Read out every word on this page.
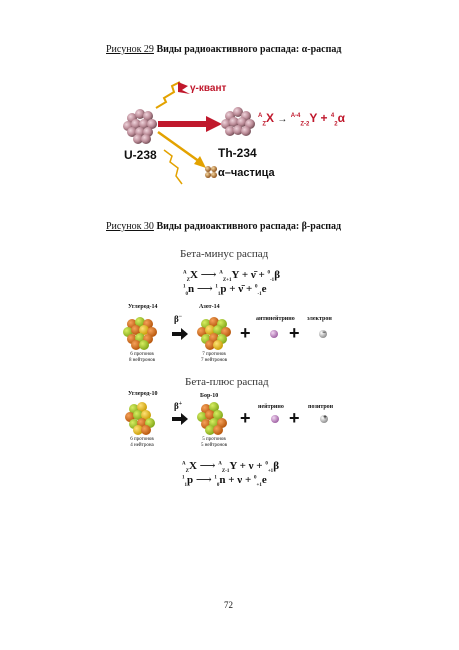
Рисунок 29 Виды радиоактивного распада: α-распад
γ-квант
U-238	Th-234
α–частица
$^A_Z$X → $^{A-4}_{Z-2}$Y + $^4_2$α
Рисунок 30 Виды радиоактивного распада: β-распад
Бета-минус распад
$^A_Z$X ⟶ $^A_{Z+1}$Y + ν̄ + $^0_{-1}$β
$^1_0$n ⟶ $^1_1$p + ν̄ + $^0_{-1}$e
Углерод-14	Азот-14
антинейтрино электрон
β−
+ +
6 протонов
8 нейтронов
7 протонов
7 нейтронов
Бета-плюс распад
Углерод-10	Бор-10
нейтрино	позитрон
β+
+ +
6 протонов
4 нейтрона
5 протонов
5 нейтронов
$^A_Z$X ⟶ $^A_{Z-1}$Y + ν + $^0_{+1}$β
$^1_1$p ⟶ $^1_0$n + ν + $^0_{+1}$e
−
+
72
